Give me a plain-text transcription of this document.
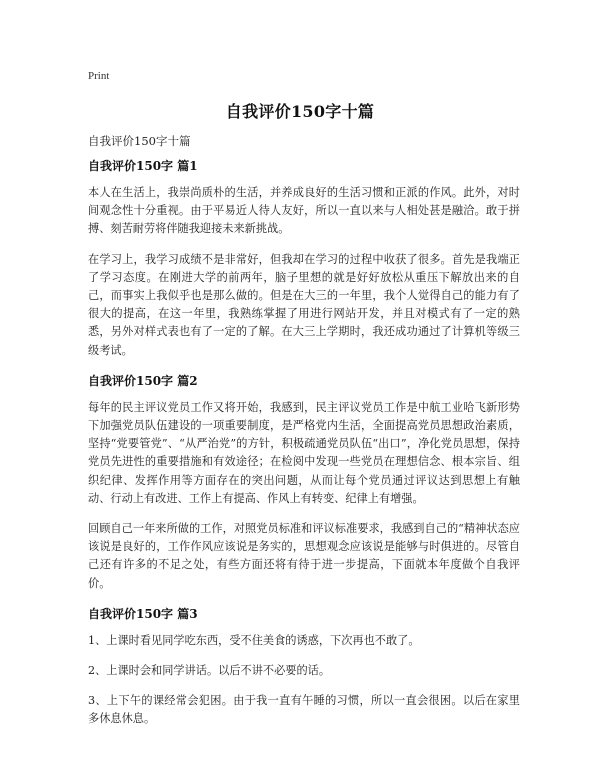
Print
自我评价150字十篇
自我评价150字十篇
自我评价150字 篇1

本人在生活上，我崇尚质朴的生活，并养成良好的生活习惯和正派的作风。此外，对时间观念性十分重视。由于平易近人待人友好，所以一直以来与人相处甚是融洽。敢于拼搏、刻苦耐劳将伴随我迎接未来新挑战。

在学习上，我学习成绩不是非常好，但我却在学习的过程中收获了很多。首先是我端正了学习态度。在刚进大学的前两年，脑子里想的就是好好放松从重压下解放出来的自己，而事实上我似乎也是那么做的。但是在大三的一年里，我个人觉得自己的能力有了很大的提高，在这一年里，我熟练掌握了用进行网站开发，并且对模式有了一定的熟悉，另外对样式表也有了一定的了解。在大三上学期时，我还成功通过了计算机等级三级考试。

自我评价150字 篇2

每年的民主评议党员工作又将开始，我感到，民主评议党员工作是中航工业哈飞新形势下加强党员队伍建设的一项重要制度，是严格党内生活，全面提高党员思想政治素质，坚持“党要管党”、“从严治党”的方针，积极疏通党员队伍“出口”，净化党员思想，保持党员先进性的重要措施和有效途径；在检阅中发现一些党员在理想信念、根本宗旨、组织纪律、发挥作用等方面存在的突出问题，从而让每个党员通过评议达到思想上有触动、行动上有改进、工作上有提高、作风上有转变、纪律上有增强。

回顾自己一年来所做的工作，对照党员标准和评议标准要求，我感到自己的“精神状态应该说是良好的，工作作风应该说是务实的，思想观念应该说是能够与时俱进的。尽管自己还有许多的不足之处，有些方面还将有待于进一步提高，下面就本年度做个自我评价。

自我评价150字 篇3

1、上课时看见同学吃东西，受不住美食的诱惑，下次再也不敢了。

2、上课时会和同学讲话。以后不讲不必要的话。

3、上下午的课经常会犯困。由于我一直有午睡的习惯，所以一直会很困。以后在家里多休息休息。
